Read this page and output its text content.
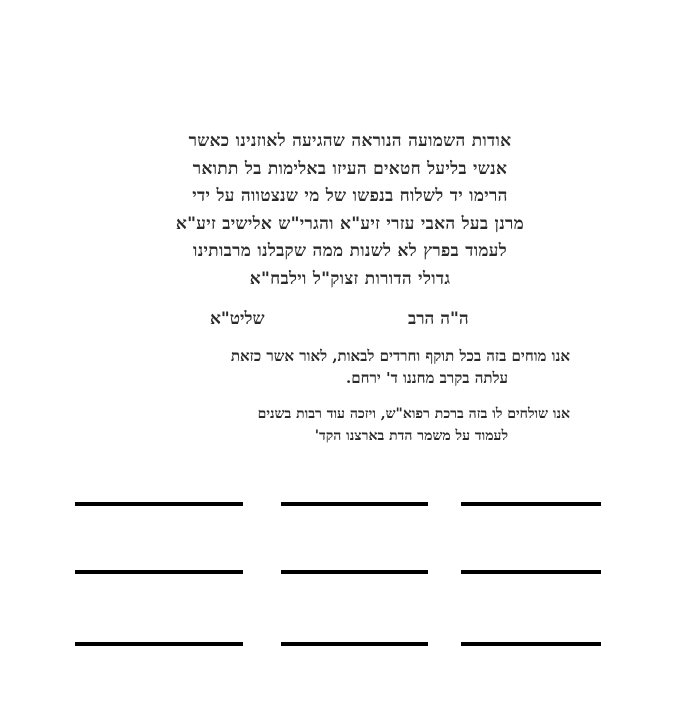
אודות השמועה הנוראה שהגיעה לאוזנינו כאשר
אנשי בליעל חטאים העיזו באלימות בל תתואר
הרימו יד לשלוח בנפשו של מי שנצטווה על ידי
מרנן בעל האבי עזרי זיע"א והגרי"ש אלישיב זיע"א
לעמוד בפרץ לא לשנות ממה שקבלנו מרבותינו
גדולי הדורות זצוק"ל וילבח"א
ה"ה הרב
שליט"א
אנו מוחים בזה בכל תוקף וחרדים לבאות, לאור אשר כזאת
עלתה בקרב מחננו ד' ירחם.
אנו שולחים לו בזה ברכת רפוא"ש, ויזכה עוד רבות בשנים
לעמוד על משמר הדת בארצנו הקד'
